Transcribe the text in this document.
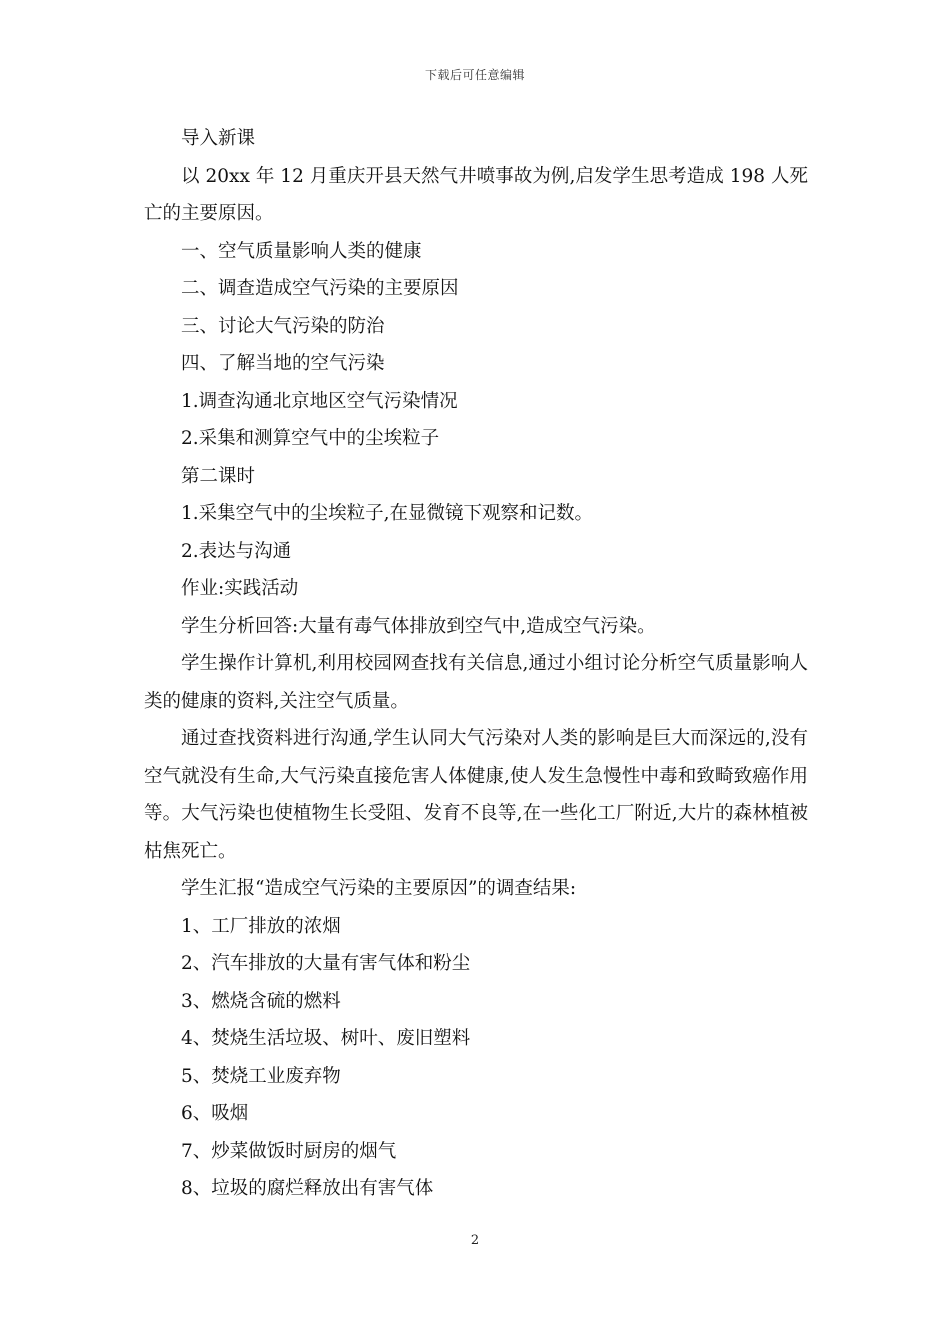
下载后可任意编辑

导入新课

以 20xx 年 12 月重庆开县天然气井喷事故为例,启发学生思考造成 198 人死亡的主要原因。

一、空气质量影响人类的健康

二、调查造成空气污染的主要原因

三、讨论大气污染的防治

四、了解当地的空气污染

1.调查沟通北京地区空气污染情况

2.采集和测算空气中的尘埃粒子

第二课时

1.采集空气中的尘埃粒子,在显微镜下观察和记数。

2.表达与沟通

作业:实践活动

学生分析回答:大量有毒气体排放到空气中,造成空气污染。

学生操作计算机,利用校园网查找有关信息,通过小组讨论分析空气质量影响人类的健康的资料,关注空气质量。

通过查找资料进行沟通,学生认同大气污染对人类的影响是巨大而深远的,没有空气就没有生命,大气污染直接危害人体健康,使人发生急慢性中毒和致畸致癌作用等。大气污染也使植物生长受阻、发育不良等,在一些化工厂附近,大片的森林植被枯焦死亡。

学生汇报“造成空气污染的主要原因”的调查结果:

1、工厂排放的浓烟

2、汽车排放的大量有害气体和粉尘

3、燃烧含硫的燃料

4、焚烧生活垃圾、树叶、废旧塑料

5、焚烧工业废弃物

6、吸烟

7、炒菜做饭时厨房的烟气

8、垃圾的腐烂释放出有害气体

2
